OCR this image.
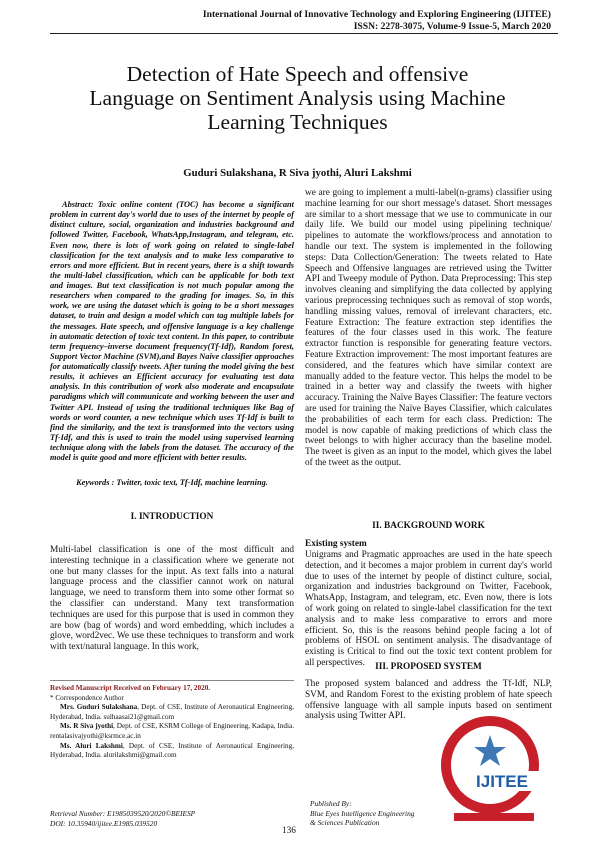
International Journal of Innovative Technology and Exploring Engineering (IJITEE)
ISSN: 2278-3075, Volume-9 Issue-5, March 2020
Detection of Hate Speech and offensive
Language on Sentiment Analysis using Machine
Learning Techniques
Guduri Sulakshana, R Siva jyothi, Aluri Lakshmi
Abstract: Toxic online content (TOC) has become a significant problem in current day's world due to uses of the internet by people of distinct culture, social, organization and industries background and followed Twitter, Facebook, WhatsApp,Instagram, and telegram, etc. Even now, there is lots of work going on related to single-label classification for the text analysis and to make less comparative to errors and more efficient. But in recent years, there is a shift towards the multi-label classification, which can be applicable for both text and images. But text classification is not much popular among the researchers when compared to the grading for images. So, in this work, we are using the dataset which is going to be a short messages dataset, to train and design a model which can tag multiple labels for the messages. Hate speech, and offensive language is a key challenge in automatic detection of toxic text content. In this paper, to contribute term frequency–inverse document frequency(Tf-Idf), Random forest, Support Vector Machine (SVM),and Bayes Naive classifier approaches for automatically classify tweets. After tuning the model giving the best results, it achieves an Efficient accuracy for evaluating test data analysis. In this contribution of work also moderate and encapsulate paradigms which will communicate and working between the user and Twitter API. Instead of using the traditional techniques like Bag of words or word counter, a new technique which uses Tf-Idf is built to find the similarity, and the text is transformed into the vectors using Tf-Idf, and this is used to train the model using supervised learning technique along with the labels from the dataset. The accuracy of the model is quite good and more efficient with better results.
Keywords : Twitter, toxic text, Tf-Idf, machine learning.
I. INTRODUCTION
Multi-label classification is one of the most difficult and interesting technique in a classification where we generate not one but many classes for the input. As text falls into a natural language process and the classifier cannot work on natural language, we need to transform them into some other format so the classifier can understand. Many text transformation techniques are used for this purpose that is used in common they are bow (bag of words) and word embedding, which includes a glove, word2vec. We use these techniques to transform and work with text/natural language. In this work,
Revised Manuscript Received on February 17, 2020.
* Correspondence Author
Mrs. Guduri Sulakshana, Dept. of CSE, Institute of Aeronautical Engineering, Hyderabad, India. sulhaasai21@gmail.com
Ms. R Siva jyothi, Dept. of CSE, KSRM College of Engineering, Kadapa, India. rentalasivajyothi@ksrmce.ac.in
Ms. Aluri Lakshmi, Dept. of CSE, Institute of Aeronautical Engineering, Hyderabad, India. alurilakshmi@gmail.com
we are going to implement a multi-label(n-grams) classifier using machine learning for our short message's dataset. Short messages are similar to a short message that we use to communicate in our daily life. We build our model using pipelining technique/ pipelines to automate the workflows/process and annotation to handle our text. The system is implemented in the following steps: Data Collection/Generation: The tweets related to Hate Speech and Offensive languages are retrieved using the Twitter API and Tweepy module of Python. Data Preprocessing: This step involves cleaning and simplifying the data collected by applying various preprocessing techniques such as removal of stop words, handling missing values, removal of irrelevant characters, etc. Feature Extraction: The feature extraction step identifies the features of the four classes used in this work. The feature extractor function is responsible for generating feature vectors. Feature Extraction improvement: The most important features are considered, and the features which have similar context are manually added to the feature vector. This helps the model to be trained in a better way and classify the tweets with higher accuracy. Training the Naïve Bayes Classifier: The feature vectors are used for training the Naïve Bayes Classifier, which calculates the probabilities of each term for each class. Prediction: The model is now capable of making predictions of which class the tweet belongs to with higher accuracy than the baseline model. The tweet is given as an input to the model, which gives the label of the tweet as the output.
II. BACKGROUND WORK
Existing system
Unigrams and Pragmatic approaches are used in the hate speech detection, and it becomes a major problem in current day's world due to uses of the internet by people of distinct culture, social, organization and industries background on Twitter, Facebook, WhatsApp, Instagram, and telegram, etc. Even now, there is lots of work going on related to single-label classification for the text analysis and to make less comparative to errors and more efficient. So, this is the reasons behind people facing a lot of problems of HSOL on sentiment analysis. The disadvantage of existing is Critical to find out the toxic text content problem for all perspectives.	III. PROPOSED SYSTEM
The proposed system balanced and address the Tf-Idf, NLP, SVM, and Random Forest to the existing problem of hate speech offensive language with all sample inputs based on sentiment analysis using Twitter API.
IJITEE
Retrieval Number: E1985039520/2020©BEIESP
DOI: 10.35940/ijitee.E1985.039520
Published By:
Blue Eyes Intelligence Engineering
& Sciences Publication
136
